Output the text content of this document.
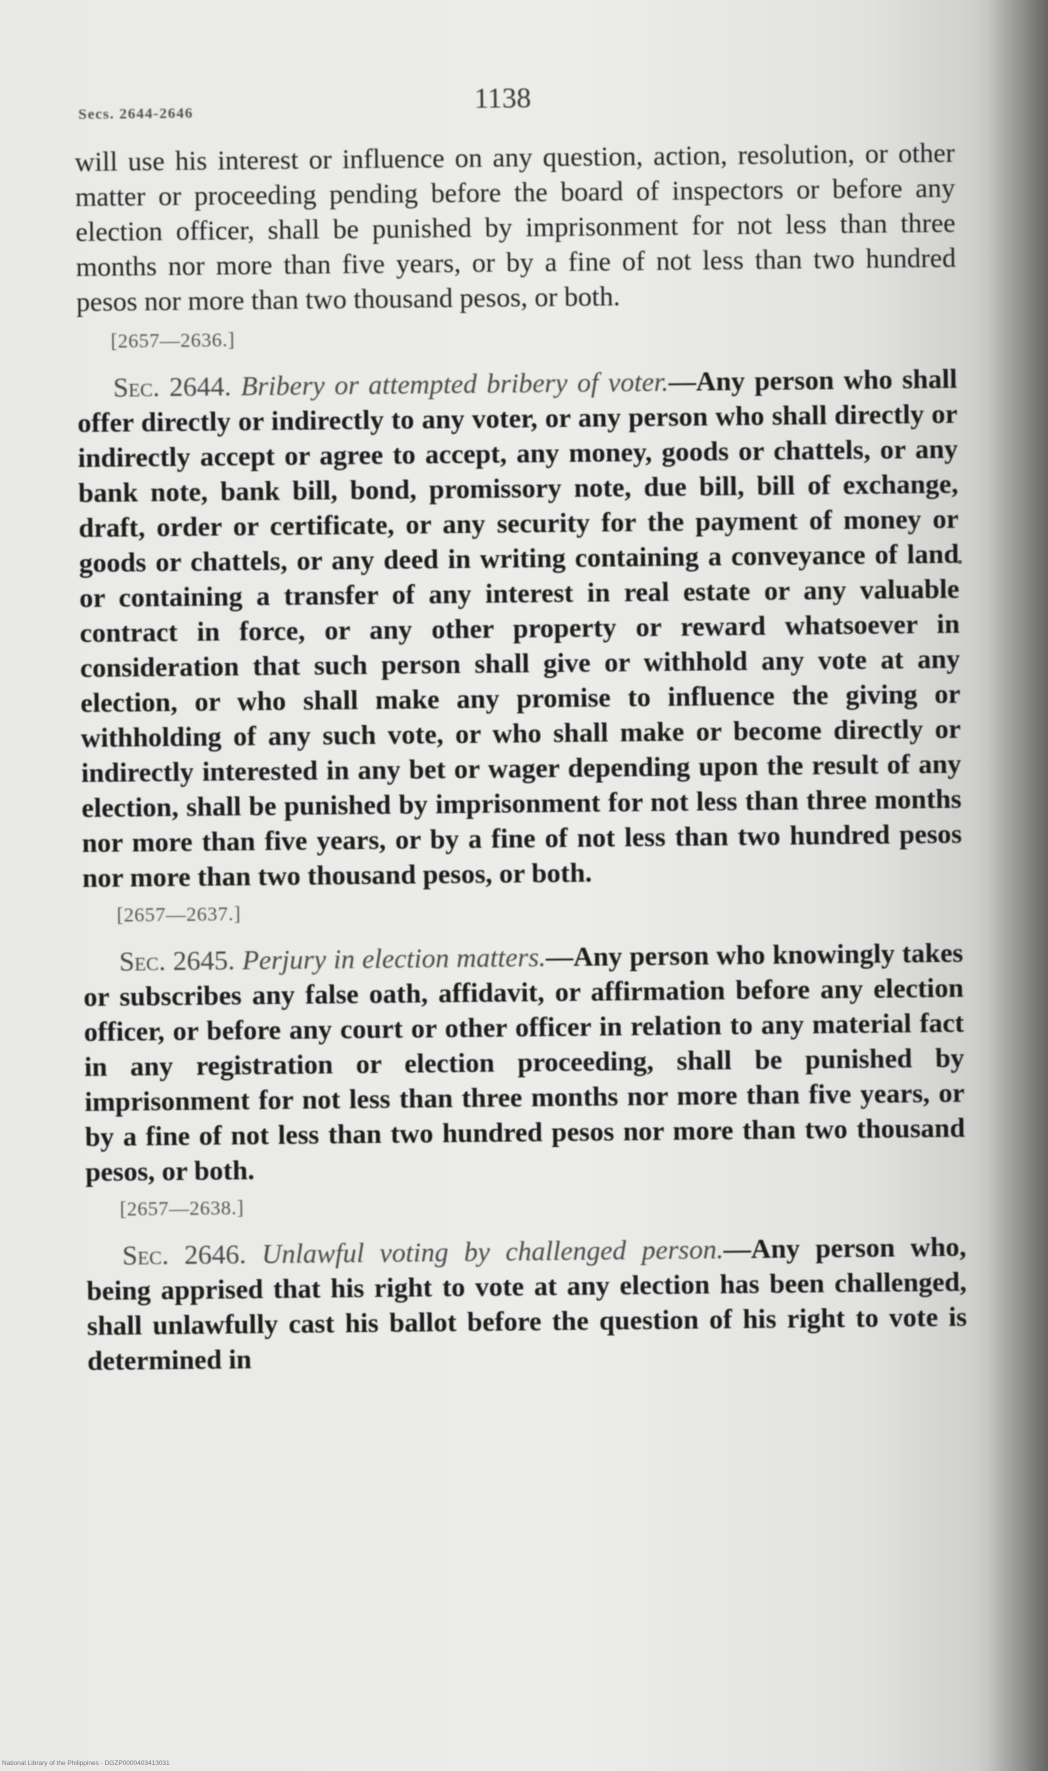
Secs. 2644-2646	1138

will use his interest or influence on any question, action, resolution, or other matter or proceeding pending before the board of inspectors or before any election officer, shall be punished by imprisonment for not less than three months nor more than five years, or by a fine of not less than two hundred pesos nor more than two thousand pesos, or both.

[2657—2636.]

Sec. 2644. Bribery or attempted bribery of voter.—Any person who shall offer directly or indirectly to any voter, or any person who shall directly or indirectly accept or agree to accept, any money, goods or chattels, or any bank note, bank bill, bond, promissory note, due bill, bill of exchange, draft, order or certificate, or any security for the payment of money or goods or chattels, or any deed in writing containing a conveyance of land or containing a transfer of any interest in real estate or any valuable contract in force, or any other property or reward whatsoever in consideration that such person shall give or withhold any vote at any election, or who shall make any promise to influence the giving or withholding of any such vote, or who shall make or become directly or indirectly interested in any bet or wager depending upon the result of any election, shall be punished by imprisonment for not less than three months nor more than five years, or by a fine of not less than two hundred pesos nor more than two thousand pesos, or both.

[2657—2637.]

Sec. 2645. Perjury in election matters.—Any person who knowingly takes or subscribes any false oath, affidavit, or affirmation before any election officer, or before any court or other officer in relation to any material fact in any registration or election proceeding, shall be punished by imprisonment for not less than three months nor more than five years, or by a fine of not less than two hundred pesos nor more than two thousand pesos, or both.

[2657—2638.]

Sec. 2646. Unlawful voting by challenged person.—Any person who, being apprised that his right to vote at any election has been challenged, shall unlawfully cast his ballot before the question of his right to vote is determined in

National Library of the Philippines · DGZP0000403413031
